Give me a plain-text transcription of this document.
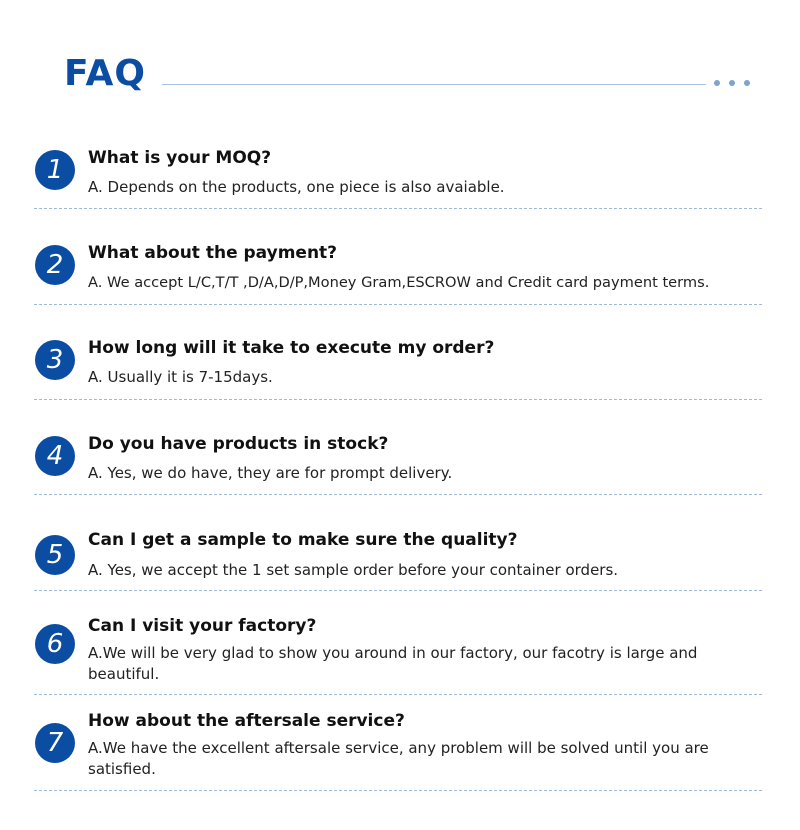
FAQ
1	What is your MOQ?
A. Depends on the products, one piece is also avaiable.
2	What about the payment?
A. We accept L/C,T/T ,D/A,D/P,Money Gram,ESCROW and Credit card payment terms.
3	How long will it take to execute my order?
A. Usually it is 7-15days.
4	Do you have products in stock?
A. Yes, we do have, they are for prompt delivery.
5	Can I get a sample to make sure the quality?
A. Yes, we accept the 1 set sample order before your container orders.
6
Can I visit your factory?
A.We will be very glad to show you around in our factory, our facotry is large and beautiful.
7
How about the aftersale service?
A.We have the excellent aftersale service, any problem will be solved until you are satisfied.
